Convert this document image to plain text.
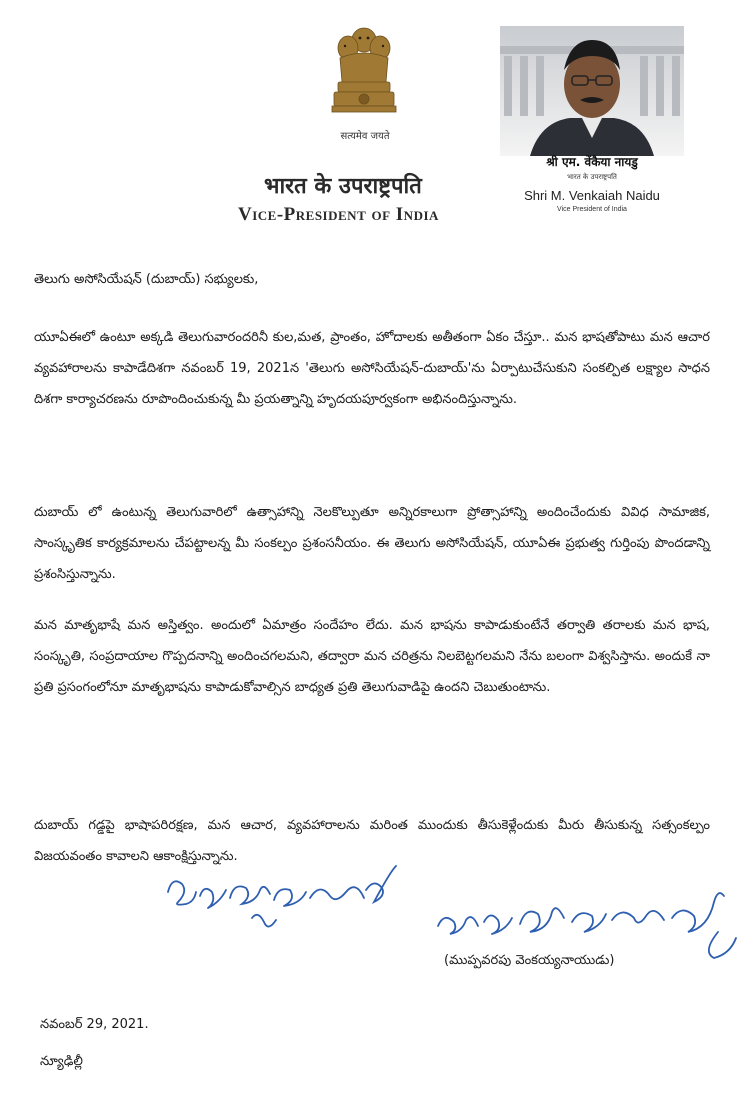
सत्यमेव जयते
भारत के उपराष्ट्रपति
Vice-President of India
श्री एम. वेंकैया नायडु
भारत के उपराष्ट्रपति
Shri M. Venkaiah Naidu
Vice President of India
తెలుగు అసోసియేషన్ (దుబాయ్) సభ్యులకు,

యూఏఈలో ఉంటూ అక్కడి తెలుగువారందరినీ కుల,మత, ప్రాంతం, హోదాలకు అతీతంగా ఏకం చేస్తూ.. మన భాషతోపాటు మన ఆచార వ్యవహారాలను కాపాడేదిశగా నవంబర్ 19, 2021న 'తెలుగు అసోసియేషన్-దుబాయ్'ను ఏర్పాటుచేసుకుని సంకల్పిత లక్ష్యాల సాధన దిశగా కార్యాచరణను రూపొందించుకున్న మీ ప్రయత్నాన్ని హృదయపూర్వకంగా అభినందిస్తున్నాను.

దుబాయ్ లో ఉంటున్న తెలుగువారిలో ఉత్సాహాన్ని నెలకొల్పుతూ అన్నిరకాలుగా ప్రోత్సాహాన్ని అందించేందుకు వివిధ సామాజిక, సాంస్కృతిక కార్యక్రమాలను చేపట్టాలన్న మీ సంకల్పం ప్రశంసనీయం. ఈ తెలుగు అసోసియేషన్, యూఏఈ ప్రభుత్వ గుర్తింపు పొందడాన్ని ప్రశంసిస్తున్నాను.

మన మాతృభాషే మన అస్తిత్వం. అందులో ఏమాత్రం సందేహం లేదు. మన భాషను కాపాడుకుంటేనే తర్వాతి తరాలకు మన భాష, సంస్కృతి, సంప్రదాయాల గొప్పదనాన్ని అందించగలమని, తద్వారా మన చరిత్రను నిలబెట్టగలమని నేను బలంగా విశ్వసిస్తాను. అందుకే నా ప్రతి ప్రసంగంలోనూ మాతృభాషను కాపాడుకోవాల్సిన బాధ్యత ప్రతి తెలుగువాడిపై ఉందని చెబుతుంటాను.

దుబాయ్ గడ్డపై భాషాపరిరక్షణ, మన ఆచార, వ్యవహారాలను మరింత ముందుకు తీసుకెళ్లేందుకు మీరు తీసుకున్న సత్సంకల్పం విజయవంతం కావాలని ఆకాంక్షిస్తున్నాను.

(ముప్పవరపు వెంకయ్యనాయుడు)
నవంబర్ 29, 2021.
న్యూఢిల్లీ
